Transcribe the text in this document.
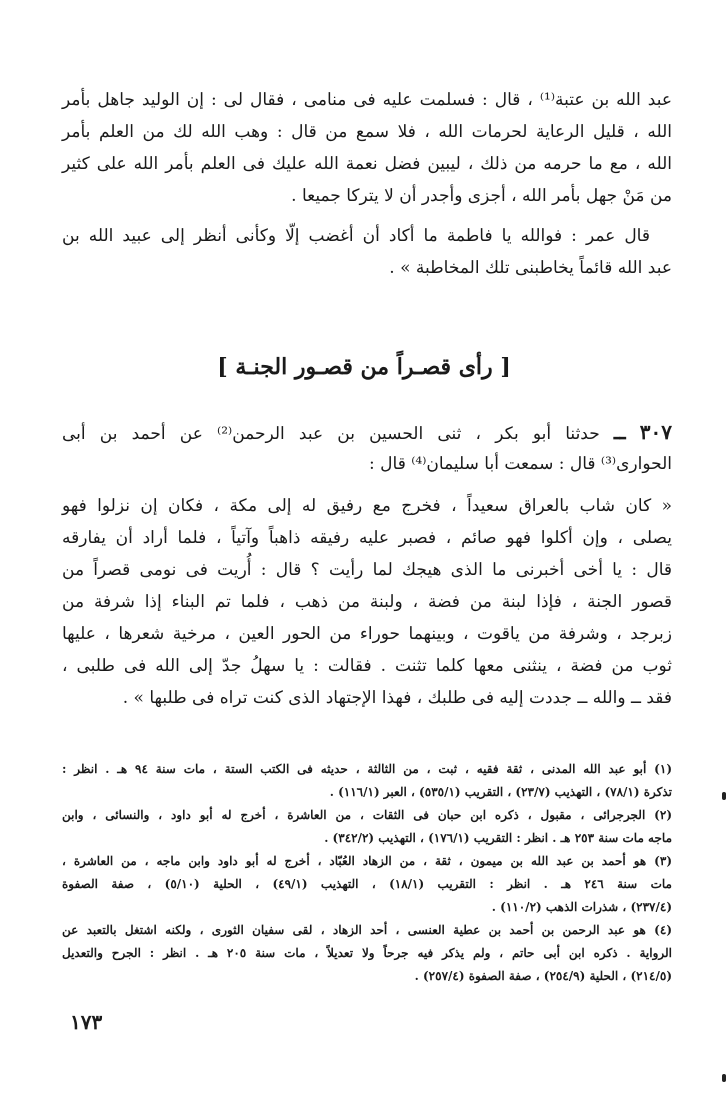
عبد الله بن عتبة⁽¹⁾ ، قال : فسلمت عليه فى منامى ، فقال لى : إن الوليد جاهل بأمر
الله ، قليل الرعاية لحرمات الله ، فلا سمع من قال : وهب الله لك من العلم بأمر
الله ، مع ما حرمه من ذلك ، ليبين فضل نعمة الله عليك فى العلم بأمر الله على كثير
من مَنْ جهل بأمر الله ، أجزى وأجدر أن لا يتركا جميعا .
قال عمر : فوالله يا فاطمة ما أكاد أن أغضب إلّا وكأنى أنظر إلى عبيد الله بن
عبد الله قائماً يخاطبنى تلك المخاطبة » .
[ رأى قصـراً من قصـور الجنـة ]
٣٠٧ ــ حدثنا أبو بكر ، ثنى الحسين بن عبد الرحمن⁽²⁾ عن أحمد بن أبى
الحوارى⁽³⁾ قال : سمعت أبا سليمان⁽⁴⁾ قال :
« كان شاب بالعراق سعيداً ، فخرج مع رفيق له إلى مكة ، فكان إن نزلوا فهو
يصلى ، وإن أكلوا فهو صائم ، فصبر عليه رفيقه ذاهباً وآتياً ، فلما أراد أن يفارقه
قال : يا أخى أخبرنى ما الذى هيجك لما رأيت ؟ قال : أُريت فى نومى قصراً من
قصور الجنة ، فإذا لبنة من فضة ، ولبنة من ذهب ، فلما تم البناء إذا شرفة من
زبرجد ، وشرفة من ياقوت ، وبينهما حوراء من الحور العين ، مرخية شعرها ، عليها
ثوب من فضة ، ينثنى معها كلما تثنت . فقالت : يا سهلُ جدّ إلى الله فى طلبى ،
فقد ــ والله ــ جددت إليه فى طلبك ، فهذا الإجتهاد الذى كنت تراه فى طلبها » .
(١) أبو عبد الله المدنى ، ثقة فقيه ، ثبت ، من الثالثة ، حديثه فى الكتب الستة ، مات سنة ٩٤ هـ . انظر :
تذكرة (٧٨/١) ، التهذيب (٢٣/٧) ، التقريب (٥٣٥/١) ، العبر (١١٦/١) .
(٢) الجرجرائى ، مقبول ، ذكره ابن حبان فى الثقات ، من العاشرة ، أخرج له أبو داود ، والنسائى ، وابن
ماجه مات سنة ٢٥٣ هـ . انظر : التقريب (١٧٦/١) ، التهذيب (٣٤٢/٢) .
(٣) هو أحمد بن عبد الله بن ميمون ، ثقة ، من الزهاد العُبّاد ، أخرج له أبو داود وابن ماجه ، من العاشرة ،
مات سنة ٢٤٦ هـ . انظر : التقريب (١٨/١) ، التهذيب (٤٩/١) ، الحلية (٥/١٠) ، صفة الصفوة
(٢٣٧/٤) ، شذرات الذهب (١١٠/٢) .
(٤) هو عبد الرحمن بن أحمد بن عطية العنسى ، أحد الزهاد ، لقى سفيان الثورى ، ولكنه اشتغل بالتعبد عن
الرواية . ذكره ابن أبى حاتم ، ولم يذكر فيه جرحاً ولا تعديلاً ، مات سنة ٢٠٥ هـ . انظر : الجرح والتعديل
(٢١٤/٥) ، الحلية (٢٥٤/٩) ، صفة الصفوة (٢٥٧/٤) .
١٧٣
